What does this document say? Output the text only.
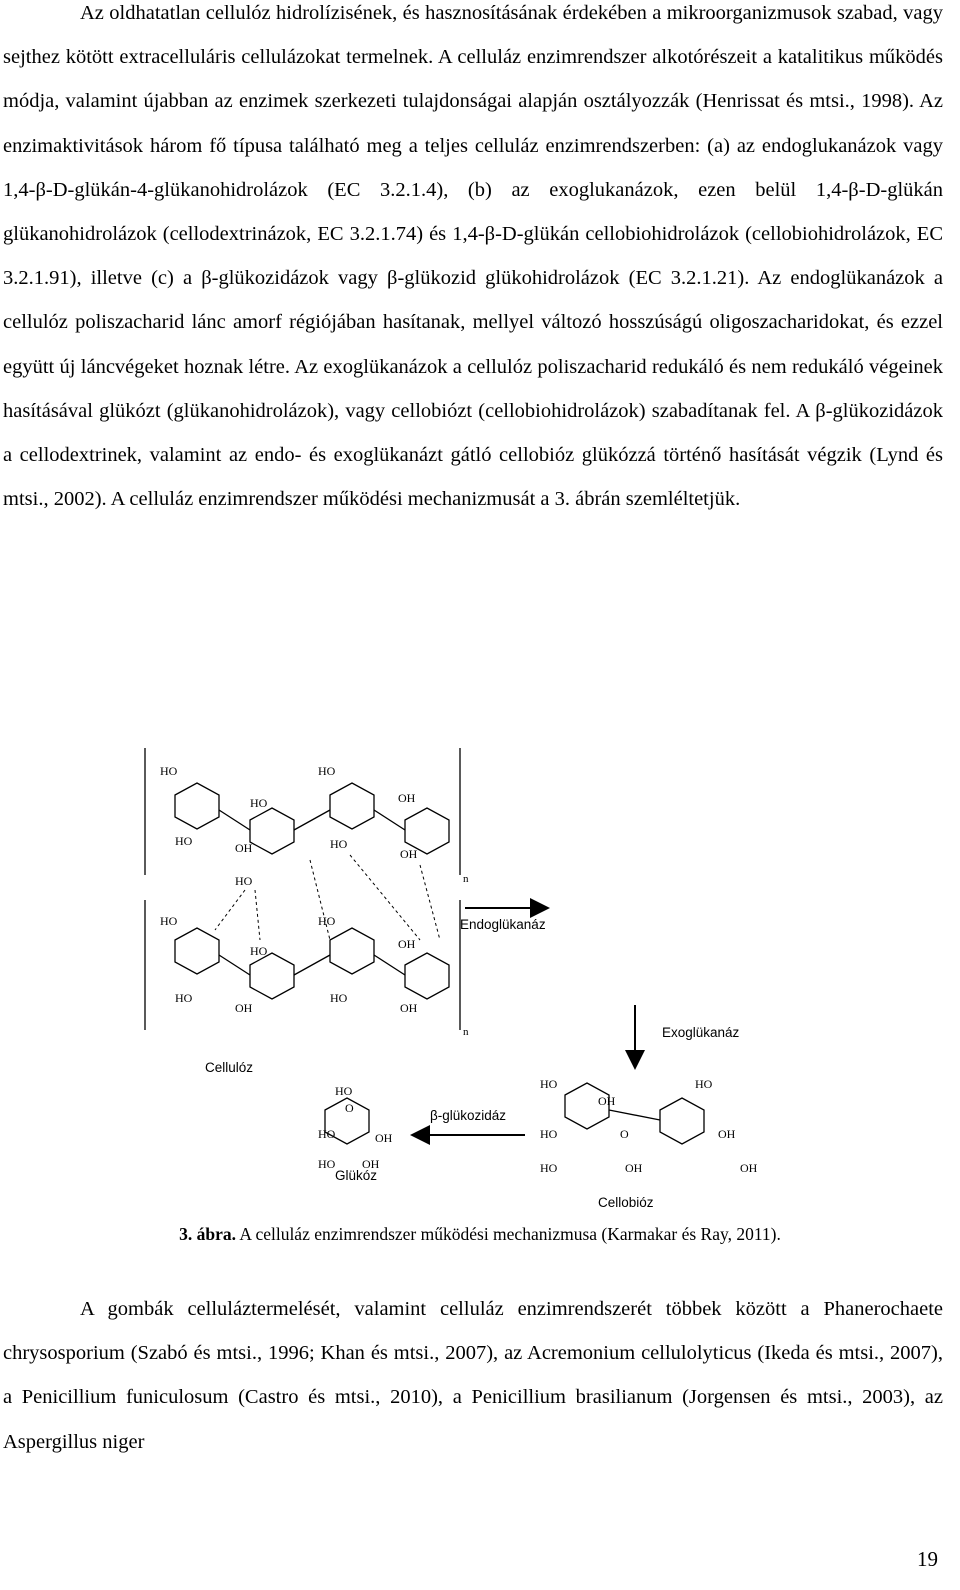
Az oldhatatlan cellulóz hidrolízisének, és hasznosításának érdekében a mikroorganizmusok szabad, vagy sejthez kötött extracelluláris cellulázokat termelnek. A celluláz enzimrendszer alkotórészeit a katalitikus működés módja, valamint újabban az enzimek szerkezeti tulajdonságai alapján osztályozzák (Henrissat és mtsi., 1998). Az enzimaktivitások három fő típusa található meg a teljes celluláz enzimrendszerben: (a) az endoglukanázok vagy 1,4-β-D-glükán-4-glükanohidrolázok (EC 3.2.1.4), (b) az exoglukanázok, ezen belül 1,4-β-D-glükán glükanohidrolázok (cellodextrinázok, EC 3.2.1.74) és 1,4-β-D-glükán cellobiohidrolázok (cellobiohidrolázok, EC 3.2.1.91), illetve (c) a β-glükozidázok vagy β-glükozid glükohidrolázok (EC 3.2.1.21). Az endoglükanázok a cellulóz poliszacharid lánc amorf régiójában hasítanak, mellyel változó hosszúságú oligoszacharidokat, és ezzel együtt új láncvégeket hoznak létre. Az exoglükanázok a cellulóz poliszacharid redukáló és nem redukáló végeinek hasításával glükózt (glükanohidrolázok), vagy cellobiózt (cellobiohidrolázok) szabadítanak fel. A β-glükozidázok a cellodextrinek, valamint az endo- és exoglükanázt gátló cellobióz glükózzá történő hasítását végzik (Lynd és mtsi., 2002). A celluláz enzimrendszer működési mechanizmusát a 3. ábrán szemléltetjük.

HO	HO
HO	OH
HO	HO
OH	OH
HO	n
HO	HO
HO	OH
HO	HO
OH	OH
n
Endoglükanáz
Exoglükanáz
Cellulóz
HO	HO
OH
HO	O	OH
HO	OH	OH
Cellobióz
β-glükozidáz
HO
O
HO	OH
HO OH
Glükóz
3. ábra. A celluláz enzimrendszer működési mechanizmusa (Karmakar és Ray, 2011).

A gombák celluláztermelését, valamint celluláz enzimrendszerét többek között a Phanerochaete chrysosporium (Szabó és mtsi., 1996; Khan és mtsi., 2007), az Acremonium cellulolyticus (Ikeda és mtsi., 2007), a Penicillium funiculosum (Castro és mtsi., 2010), a Penicillium brasilianum (Jorgensen és mtsi., 2003), az Aspergillus niger

19
